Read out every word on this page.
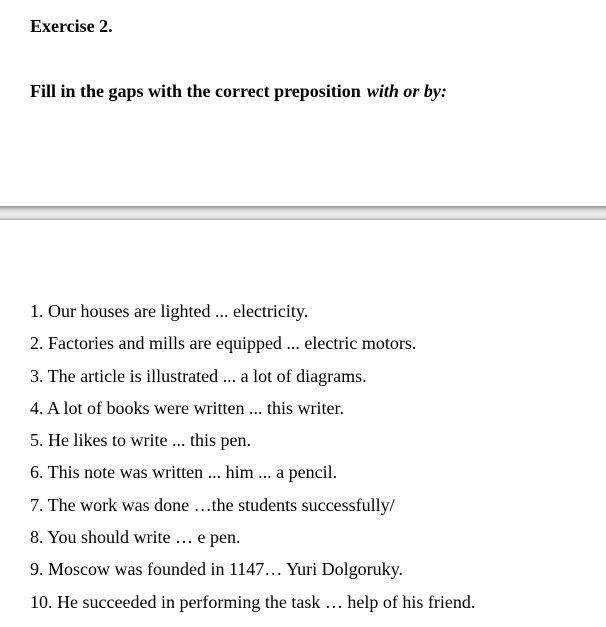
Exercise 2.
Fill in the gaps with the correct preposition with or by:
1. Our houses are lighted ... electricity.
2. Factories and mills are equipped ... electric motors.
3. The article is illustrated ... a lot of diagrams.
4. A lot of books were written ... this writer.
5. He likes to write ... this pen.
6. This note was written ... him ... a pencil.
7. The work was done …the students successfully/
8. You should write … e pen.
9. Moscow was founded in 1147… Yuri Dolgoruky.
10. He succeeded in performing the task … help of his friend.
